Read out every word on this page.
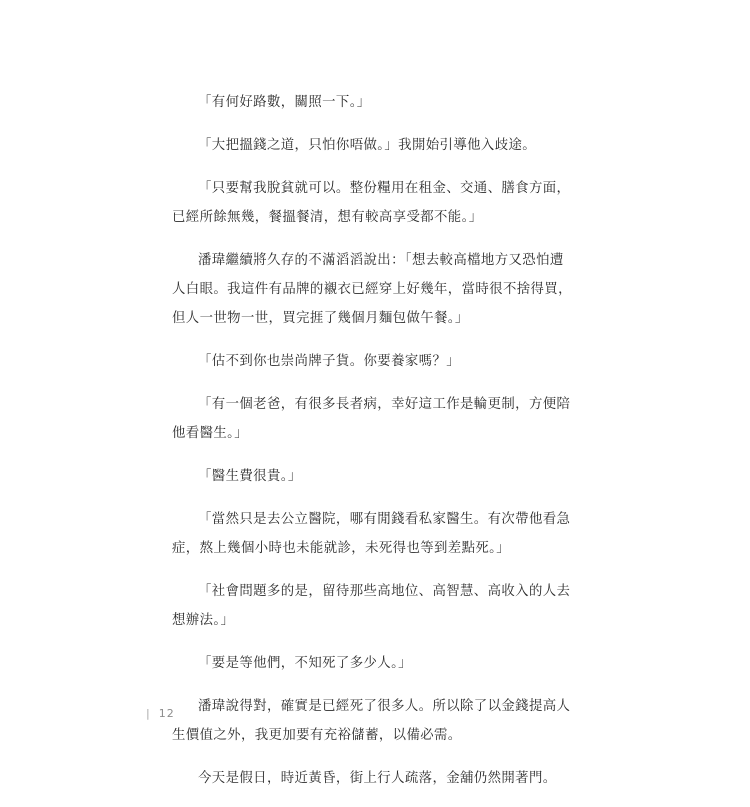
「有何好路數，關照一下。」

「大把搵錢之道，只怕你唔做。」我開始引導他入歧途。

「只要幫我脫貧就可以。整份糧用在租金、交通、膳食方面，已經所餘無幾，餐搵餐清，想有較高享受都不能。」

潘瑋繼續將久存的不滿滔滔說出：「想去較高檔地方又恐怕遭人白眼。我這件有品牌的襯衣已經穿上好幾年，當時很不捨得買，但人一世物一世，買完捱了幾個月麵包做午餐。」

「估不到你也崇尚牌子貨。你要養家嗎？」

「有一個老爸，有很多長者病，幸好這工作是輪更制，方便陪他看醫生。」

「醫生費很貴。」

「當然只是去公立醫院，哪有閒錢看私家醫生。有次帶他看急症，熬上幾個小時也未能就診，未死得也等到差點死。」

「社會問題多的是，留待那些高地位、高智慧、高收入的人去想辦法。」

「要是等他們，不知死了多少人。」

潘瑋說得對，確實是已經死了很多人。所以除了以金錢提高人生價值之外，我更加要有充裕儲蓄，以備必需。

今天是假日，時近黃昏，街上行人疏落，金舖仍然開著門。

| 12
